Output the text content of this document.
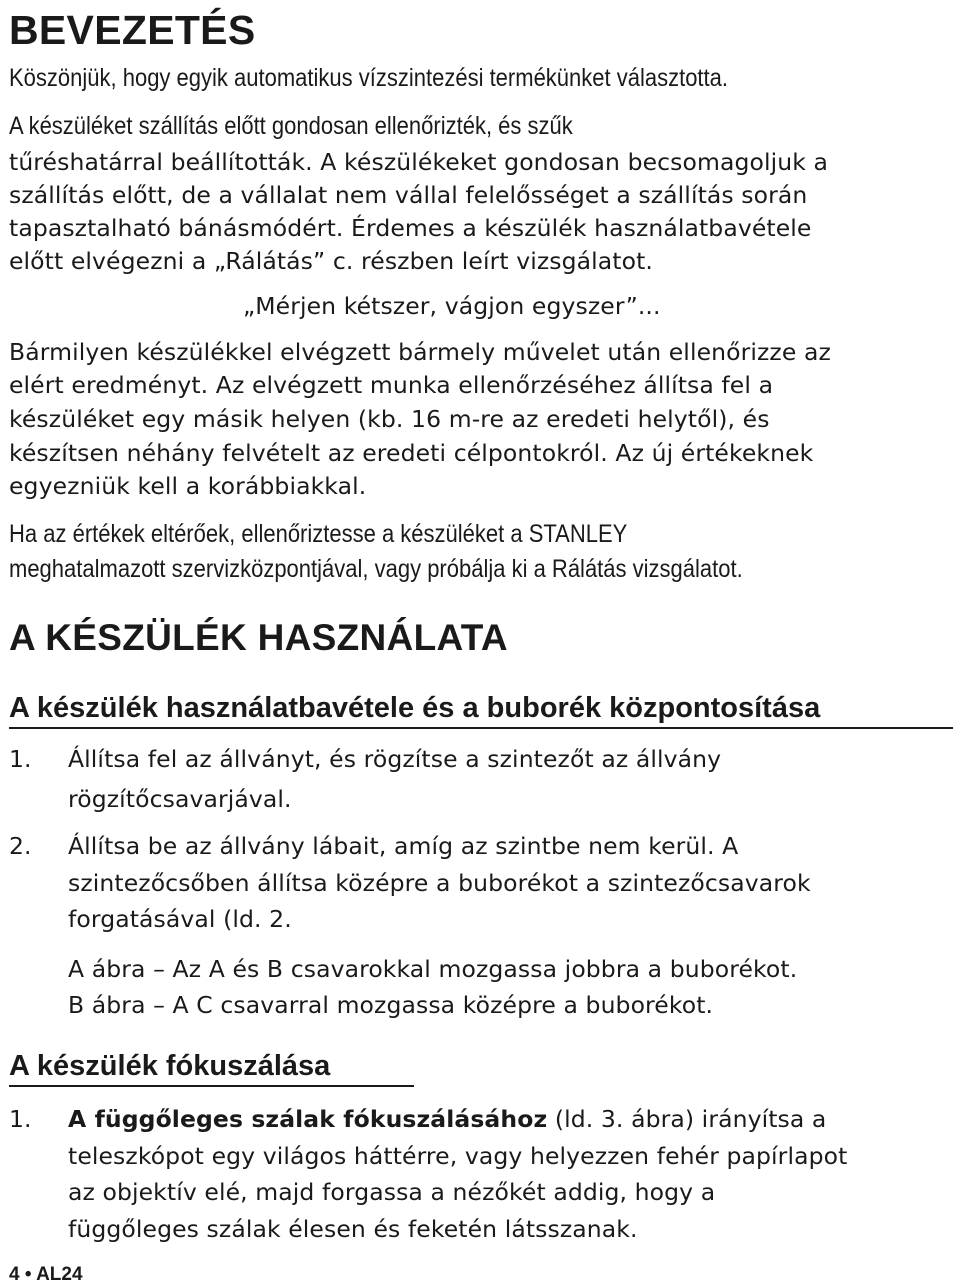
BEVEZETÉS
Köszönjük, hogy egyik automatikus vízszintezési termékünket választotta.
A készüléket szállítás előtt gondosan ellenőrizték, és szűk
tűréshatárral beállították. A készülékeket gondosan becsomagoljuk a
szállítás előtt, de a vállalat nem vállal felelősséget a szállítás során
tapasztalható bánásmódért. Érdemes a készülék használatbavétele
előtt elvégezni a „Rálátás” c. részben leírt vizsgálatot.
„Mérjen kétszer, vágjon egyszer”...
Bármilyen készülékkel elvégzett bármely művelet után ellenőrizze az
elért eredményt. Az elvégzett munka ellenőrzéséhez állítsa fel a
készüléket egy másik helyen (kb. 16 m-re az eredeti helytől), és
készítsen néhány felvételt az eredeti célpontokról. Az új értékeknek
egyezniük kell a korábbiakkal.
Ha az értékek eltérőek, ellenőriztesse a készüléket a STANLEY
meghatalmazott szervizközpontjával, vagy próbálja ki a Rálátás vizsgálatot.
A KÉSZÜLÉK HASZNÁLATA
A készülék használatbavétele és a buborék központosítása
1. Állítsa fel az állványt, és rögzítse a szintezőt az állvány
rögzítőcsavarjával.
2. Állítsa be az állvány lábait, amíg az szintbe nem kerül. A
szintezőcsőben állítsa középre a buborékot a szintezőcsavarok
forgatásával (ld. 2.
A ábra – Az A és B csavarokkal mozgassa jobbra a buborékot.
B ábra – A C csavarral mozgassa középre a buborékot.
A készülék fókuszálása
1. A függőleges szálak fókuszálásához (ld. 3. ábra) irányítsa a
teleszkópot egy világos háttérre, vagy helyezzen fehér papírlapot
az objektív elé, majd forgassa a nézőkét addig, hogy a
függőleges szálak élesen és feketén látsszanak.
4 • AL24
